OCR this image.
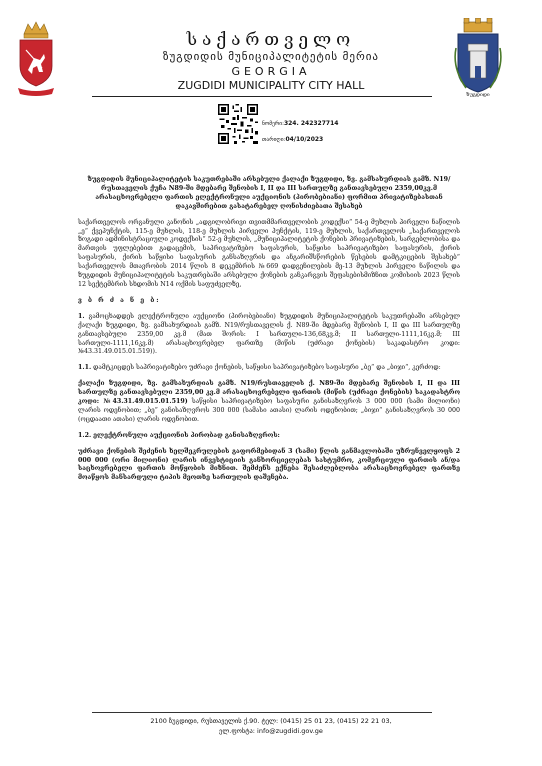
ზუგდიდი
საქართველო
ზუგდიდის მუნიციპალიტეტის მერია
GEORGIA
ZUGDIDI MUNICIPALITY CITY HALL
ნომერი:324. 242327714
თარიღი:04/10/2023

ზუგდიდის მუნიციპალიტეტის საკუთრებაში არსებული ქალაქი ზუგდიდი, ზვ. გამსახურდიას გამზ. N19/რუსთაველის ქუჩა N89-ში მდებარე შენობის I, II და III სართულზე განთავსებული 2359,00კვ.მ არასაცხოვრებელი ფართის ელექტრონული აუქციონის (პირობებიანი) ფორმით პრივატიზებასთან დაკავშირებით გასატარებელ ღონისძიებათა შესახებ

საქართველოს ორგანული კანონის „ადგილობრივი თვითმმართველობის კოდექსი“ 54-ე მუხლის პირველი ნაწილის „ე“ ქვეპუნქტის, 115-ე მუხლის, 118-ე მუხლის პირველი პუნქტის, 119-ე მუხლის, საქართველოს „საქართველოს ზოგადი ადმინისტრაციული კოდექსის“ 52-ე მუხლის, „მუნიციპალიტეტის ქონების პრივატიზების, სარგებლობისა და მართვის უფლებებით გადაცემის, საპრივატიზებო საფასურის, საწყისი საპრივატიზებო საფასურის, ქირის საფასურის, ქირის საწყისი საფასურის განსაზღვრის და ანგარიშსწორების წესების დამტკიცების შესახებ“ საქართველოს მთავრობის 2014 წლის 8 დეკემბრის №669 დადგენილების მე-13 მუხლის პირველი ნაწილის და ზუგდიდის მუნიციპალიტეტის საკუთრებაში არსებული ქონების განკარგვის შეფასებისმიზნით კომისიის 2023 წლის 12 სექტემბრის სხდომის N14 ოქმის საფუძველზე,

ვ ბ რ ძ ა ნ ე ბ:

1. გამოცხადდეს ელექტრონული აუქციონი (პირობებიანი) ზუგდიდის მუნიციპალიტეტის საკუთრებაში არსებულ ქალაქი ზუგდიდი, ზვ. გამსახურდიას გამზ. N19/რუსთაველის ქ. N89-ში მდებარე შენობის I, II და III სართულზე განთავსებული 2359,00 კვ.მ (მათ შორის: I სართული-136,68კვ.მ; II სართული-1111,16კვ.მ; III სართული-1111,16კვ.მ) არასაცხოვრებელ ფართზე (მიწის (უძრავი ქონების) საკადასტრო კოდი: №43.31.49.015.01.519)).

1.1. დამტკიცდეს საპრივატიზებო უძრავი ქონების, საწყისი საპრივატიზებო საფასური „ბე“ და „ბიჯი“, კერძოდ:

ქალაქი ზუგდიდი, ზვ. გამსახურდიას გამზ. N19/რუსთაველის ქ. N89-ში მდებარე შენობის I, II და III სართულზე განთავსებული 2359,00 კვ.მ არასაცხოვრებელი ფართის (მიწის (უძრავი ქონების) საკადასტრო კოდი: №43.31.49.015.01.519) საწყისი საპრივატიზებო საფასური განისაზღვროს 3 000 000 (სამი მილიონი) ლარის ოდენობით; „ბე“ განისაზღვროს 300 000 (სამასი ათასი) ლარის ოდენობით; „ბიჯი“ განისაზღვროს 30 000 (ოცდაათი ათასი) ლარის ოდენობით.

1.2. ელექტრონული აუქციონის პირობად განისაზღვროს:

უძრავი ქონების შეძენის ხელშეკრულების გაფორმებიდან 3 (სამი) წლის განმავლობაში უზრუნველყოფს 2 000 000 (ორი მილიონი) ლარის ინვესტიციის განხორციელებას სასტუმრო, კომერციული ფართის ან/და საცხოვრებელი ფართის მოწყობის მიზნით. შემძენს ექნება შესაძლებლობა არასაცხოვრებელ ფართზე მოაწყოს მანსარდული ტიპის მეოთხე სართულის დაშენება.

2100 ზუგდიდი, რუსთაველის ქ.90. ტელ: (0415) 25 01 23, (0415) 22 21 03,
ელ.ფოსტა: info@zugdidi.gov.ge
